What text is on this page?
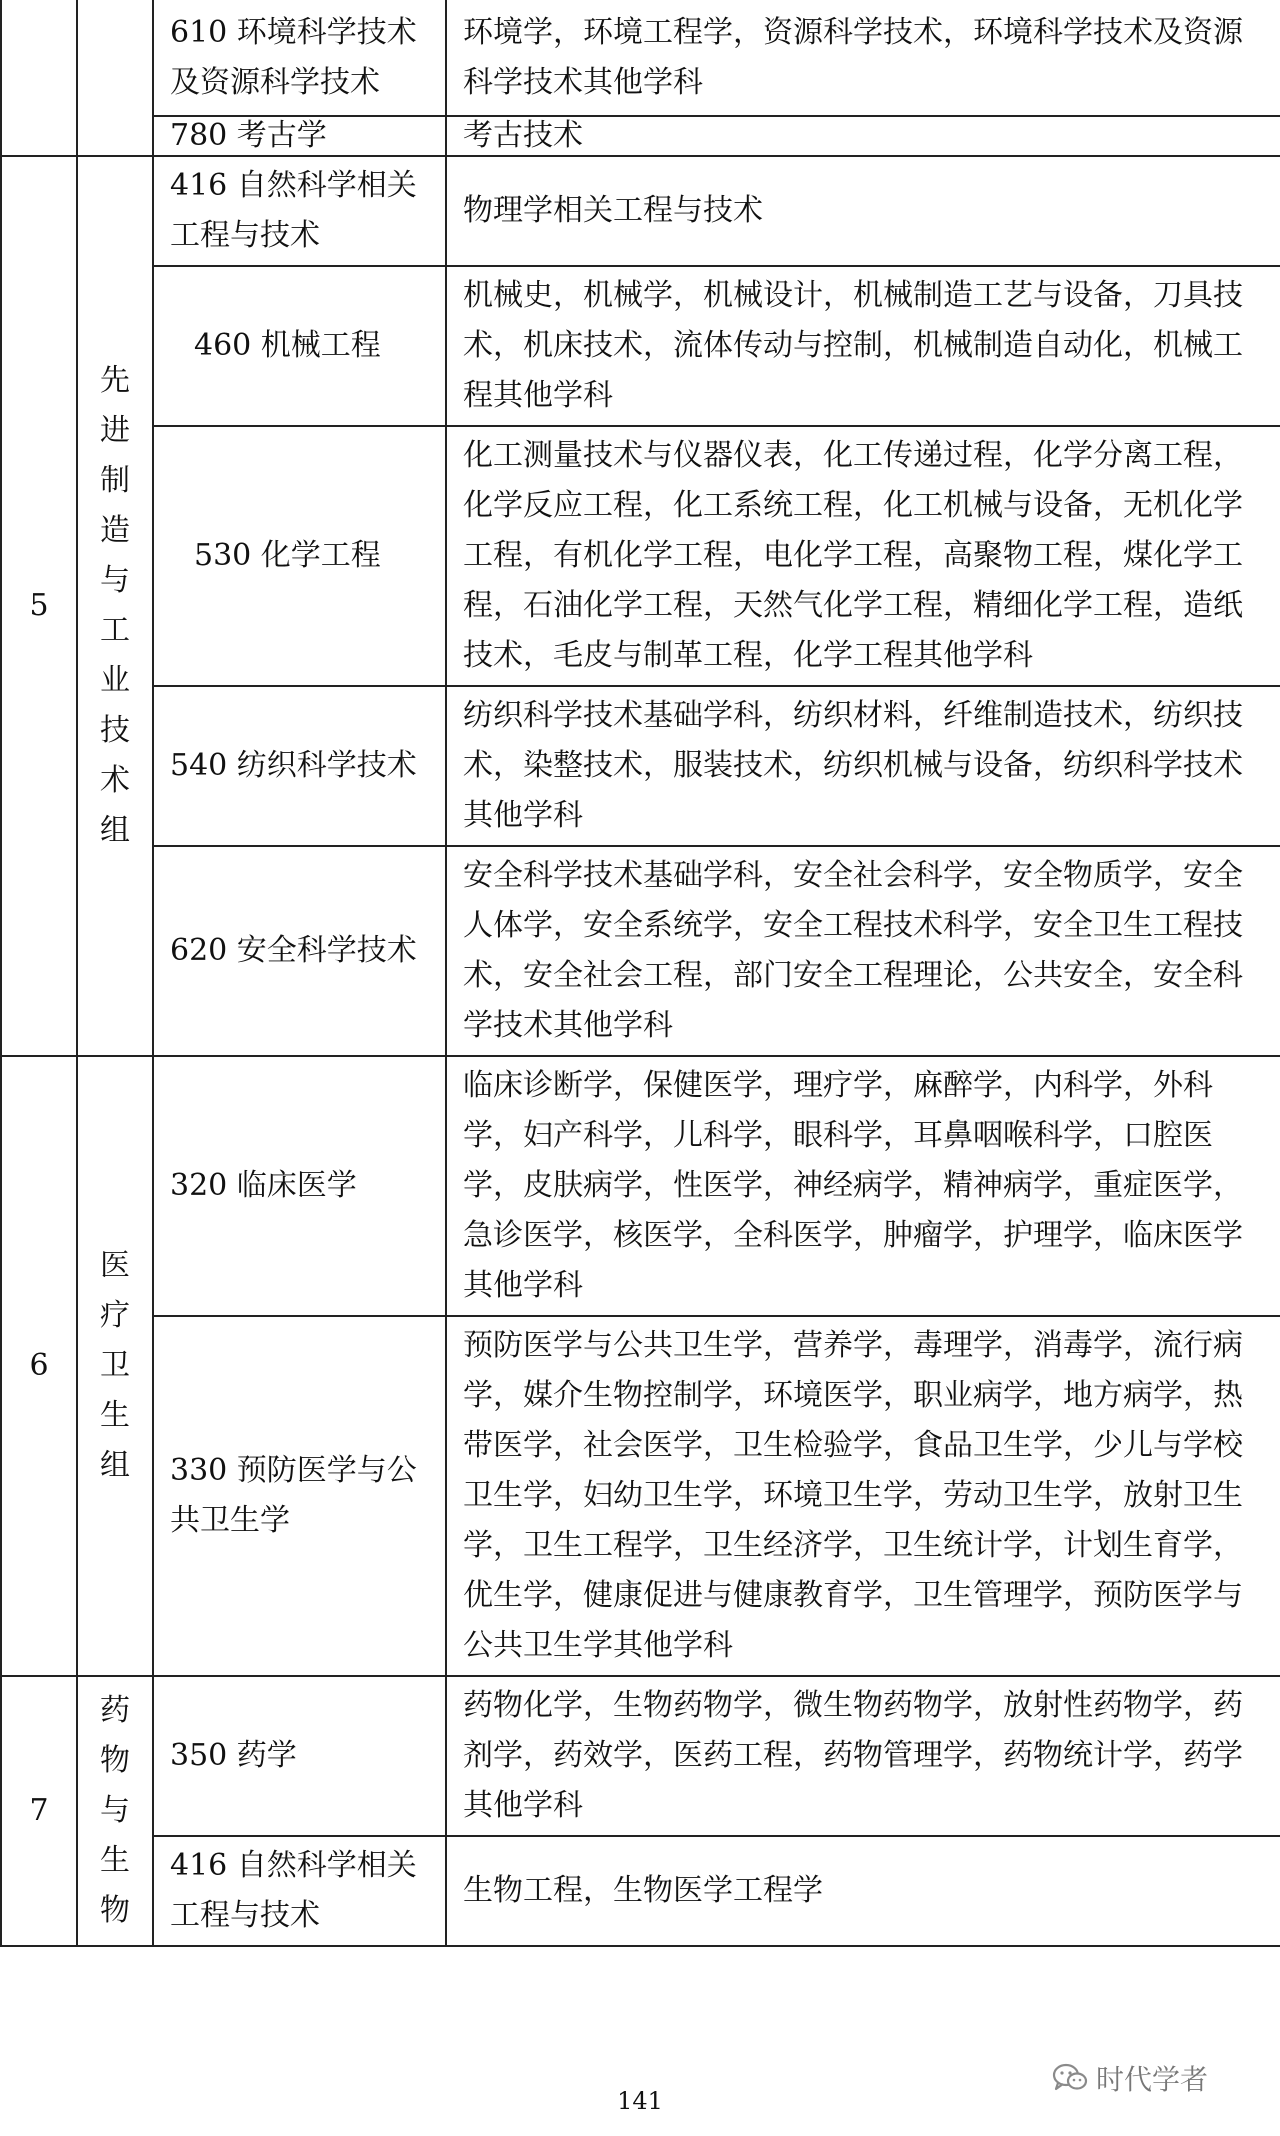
		610 环境科学技术及资源科学技术	环境学，环境工程学，资源科学技术，环境科学技术及资源科学技术其他学科
		780 考古学	考古技术
5	先进制造与工业技术组	416 自然科学相关工程与技术	物理学相关工程与技术
		460 机械工程	机械史，机械学，机械设计，机械制造工艺与设备，刀具技术，机床技术，流体传动与控制，机械制造自动化，机械工程其他学科
		530 化学工程	化工测量技术与仪器仪表，化工传递过程，化学分离工程，化学反应工程，化工系统工程，化工机械与设备，无机化学工程，有机化学工程，电化学工程，高聚物工程，煤化学工程，石油化学工程，天然气化学工程，精细化学工程，造纸技术，毛皮与制革工程，化学工程其他学科
		540 纺织科学技术	纺织科学技术基础学科，纺织材料，纤维制造技术，纺织技术，染整技术，服装技术，纺织机械与设备，纺织科学技术其他学科
		620 安全科学技术	安全科学技术基础学科，安全社会科学，安全物质学，安全人体学，安全系统学，安全工程技术科学，安全卫生工程技术，安全社会工程，部门安全工程理论，公共安全，安全科学技术其他学科
6	医疗卫生组	320 临床医学	临床诊断学，保健医学，理疗学，麻醉学，内科学，外科学，妇产科学，儿科学，眼科学，耳鼻咽喉科学，口腔医学，皮肤病学，性医学，神经病学，精神病学，重症医学，急诊医学，核医学，全科医学，肿瘤学，护理学，临床医学其他学科
		330 预防医学与公共卫生学	预防医学与公共卫生学，营养学，毒理学，消毒学，流行病学，媒介生物控制学，环境医学，职业病学，地方病学，热带医学，社会医学，卫生检验学，食品卫生学，少儿与学校卫生学，妇幼卫生学，环境卫生学，劳动卫生学，放射卫生学，卫生工程学，卫生经济学，卫生统计学，计划生育学，优生学，健康促进与健康教育学，卫生管理学，预防医学与公共卫生学其他学科
7	药物与生物	350 药学	药物化学，生物药物学，微生物药物学，放射性药物学，药剂学，药效学，医药工程，药物管理学，药物统计学，药学其他学科
		416 自然科学相关工程与技术	生物工程，生物医学工程学
时代学者
141
